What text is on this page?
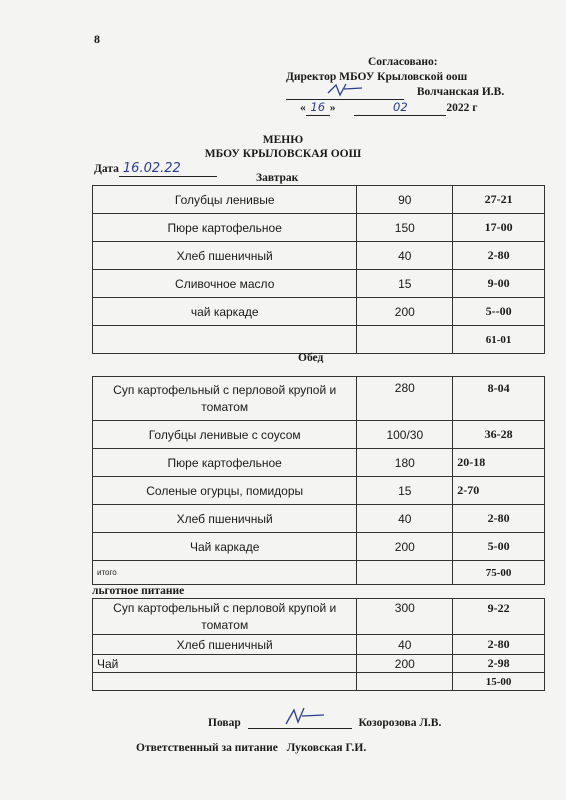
8
Согласовано:
Директор МБОУ Крыловской оош
Волчанская И.В.
« 16 »	02	2022 г
МЕНЮ
МБОУ КРЫЛОВСКАЯ ООШ
Дата 16.02.22
Завтрак
Голубцы ленивые	90	27-21
Пюре картофельное	150	17-00
Хлеб пшеничный	40	2-80
Сливочное масло	15	9-00
чай каркаде	200	5--00
		61-01
Обед
Суп картофельный с перловой крупой и томатом	280	8-04
Голубцы ленивые с соусом	100/30	36-28
Пюре картофельное	180	20-18
Соленые огурцы, помидоры	15	2-70
Хлеб пшеничный	40	2-80
Чай каркаде	200	5-00
итого		75-00
льготное питание
Суп картофельный с перловой крупой и томатом	300	9-22
Хлеб пшеничный	40	2-80
Чай	200	2-98
		15-00
Повар	Козорозова Л.В.
Ответственный за питание Луковская Г.И.
